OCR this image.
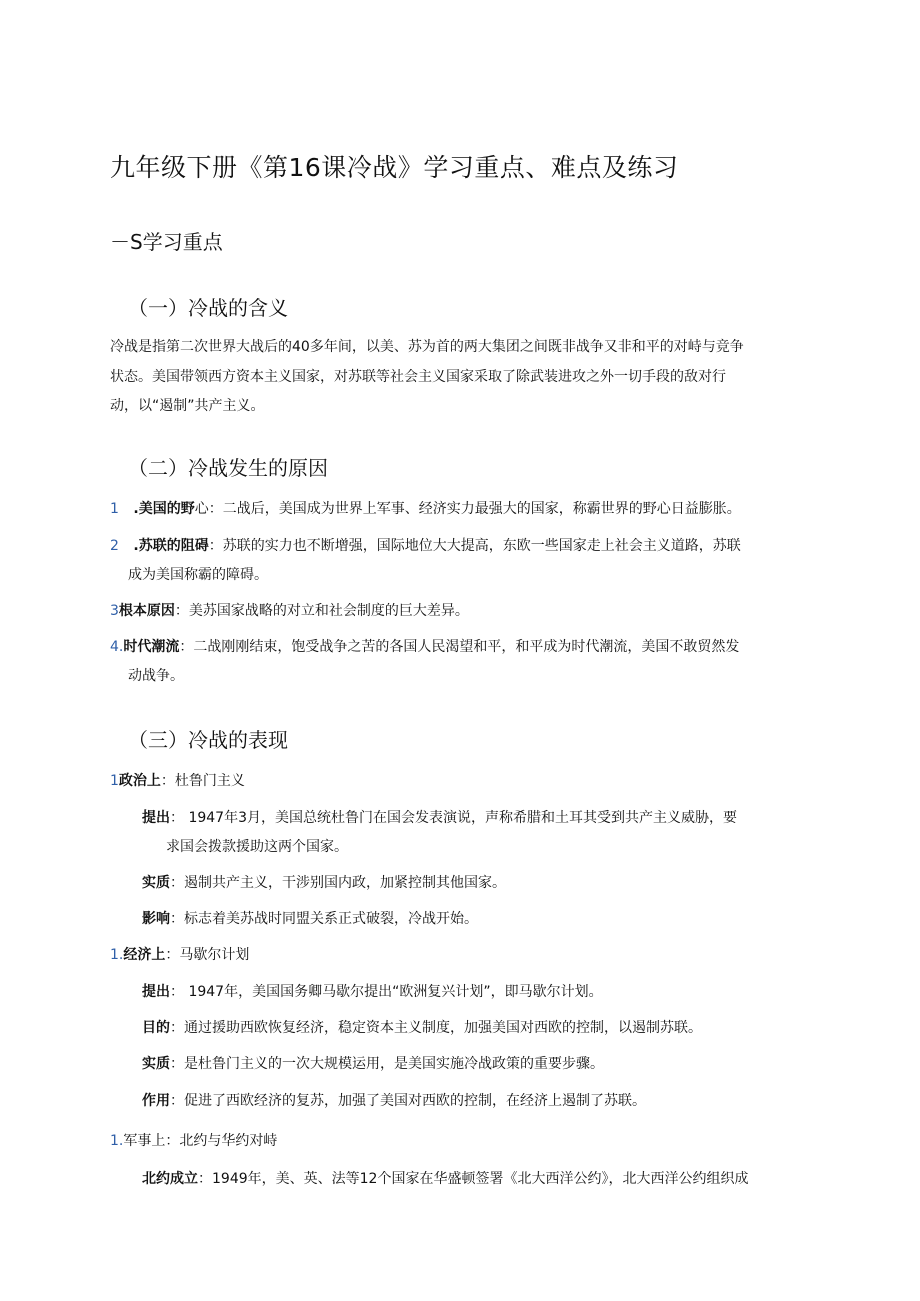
九年级下册《第16课冷战》学习重点、难点及练习
－S学习重点
（一）冷战的含义
冷战是指第二次世界大战后的40多年间，以美、苏为首的两大集团之间既非战争又非和平的对峙与竞争
状态。美国带领西方资本主义国家，对苏联等社会主义国家采取了除武装进攻之外一切手段的敌对行
动，以“遏制”共产主义。
（二）冷战发生的原因
1 .美国的野心：二战后，美国成为世界上军事、经济实力最强大的国家，称霸世界的野心日益膨胀。
2 .苏联的阻碍：苏联的实力也不断增强，国际地位大大提高，东欧一些国家走上社会主义道路，苏联
成为美国称霸的障碍。
3根本原因：美苏国家战略的对立和社会制度的巨大差异。
4.时代潮流：二战刚刚结束，饱受战争之苦的各国人民渴望和平，和平成为时代潮流，美国不敢贸然发
动战争。
（三）冷战的表现
1政治上：杜鲁门主义
提出： 1947年3月，美国总统杜鲁门在国会发表演说，声称希腊和土耳其受到共产主义威胁，要
求国会拨款援助这两个国家。
实质：遏制共产主义，干涉别国内政，加紧控制其他国家。
影响：标志着美苏战时同盟关系正式破裂，冷战开始。
1.经济上：马歇尔计划
提出： 1947年，美国国务卿马歇尔提出“欧洲复兴计划”，即马歇尔计划。
目的：通过援助西欧恢复经济，稳定资本主义制度，加强美国对西欧的控制，以遏制苏联。
实质：是杜鲁门主义的一次大规模运用，是美国实施冷战政策的重要步骤。
作用：促进了西欧经济的复苏，加强了美国对西欧的控制，在经济上遏制了苏联。
1.军事上：北约与华约对峙
北约成立：1949年，美、英、法等12个国家在华盛顿签署《北大西洋公约》，北大西洋公约组织成
